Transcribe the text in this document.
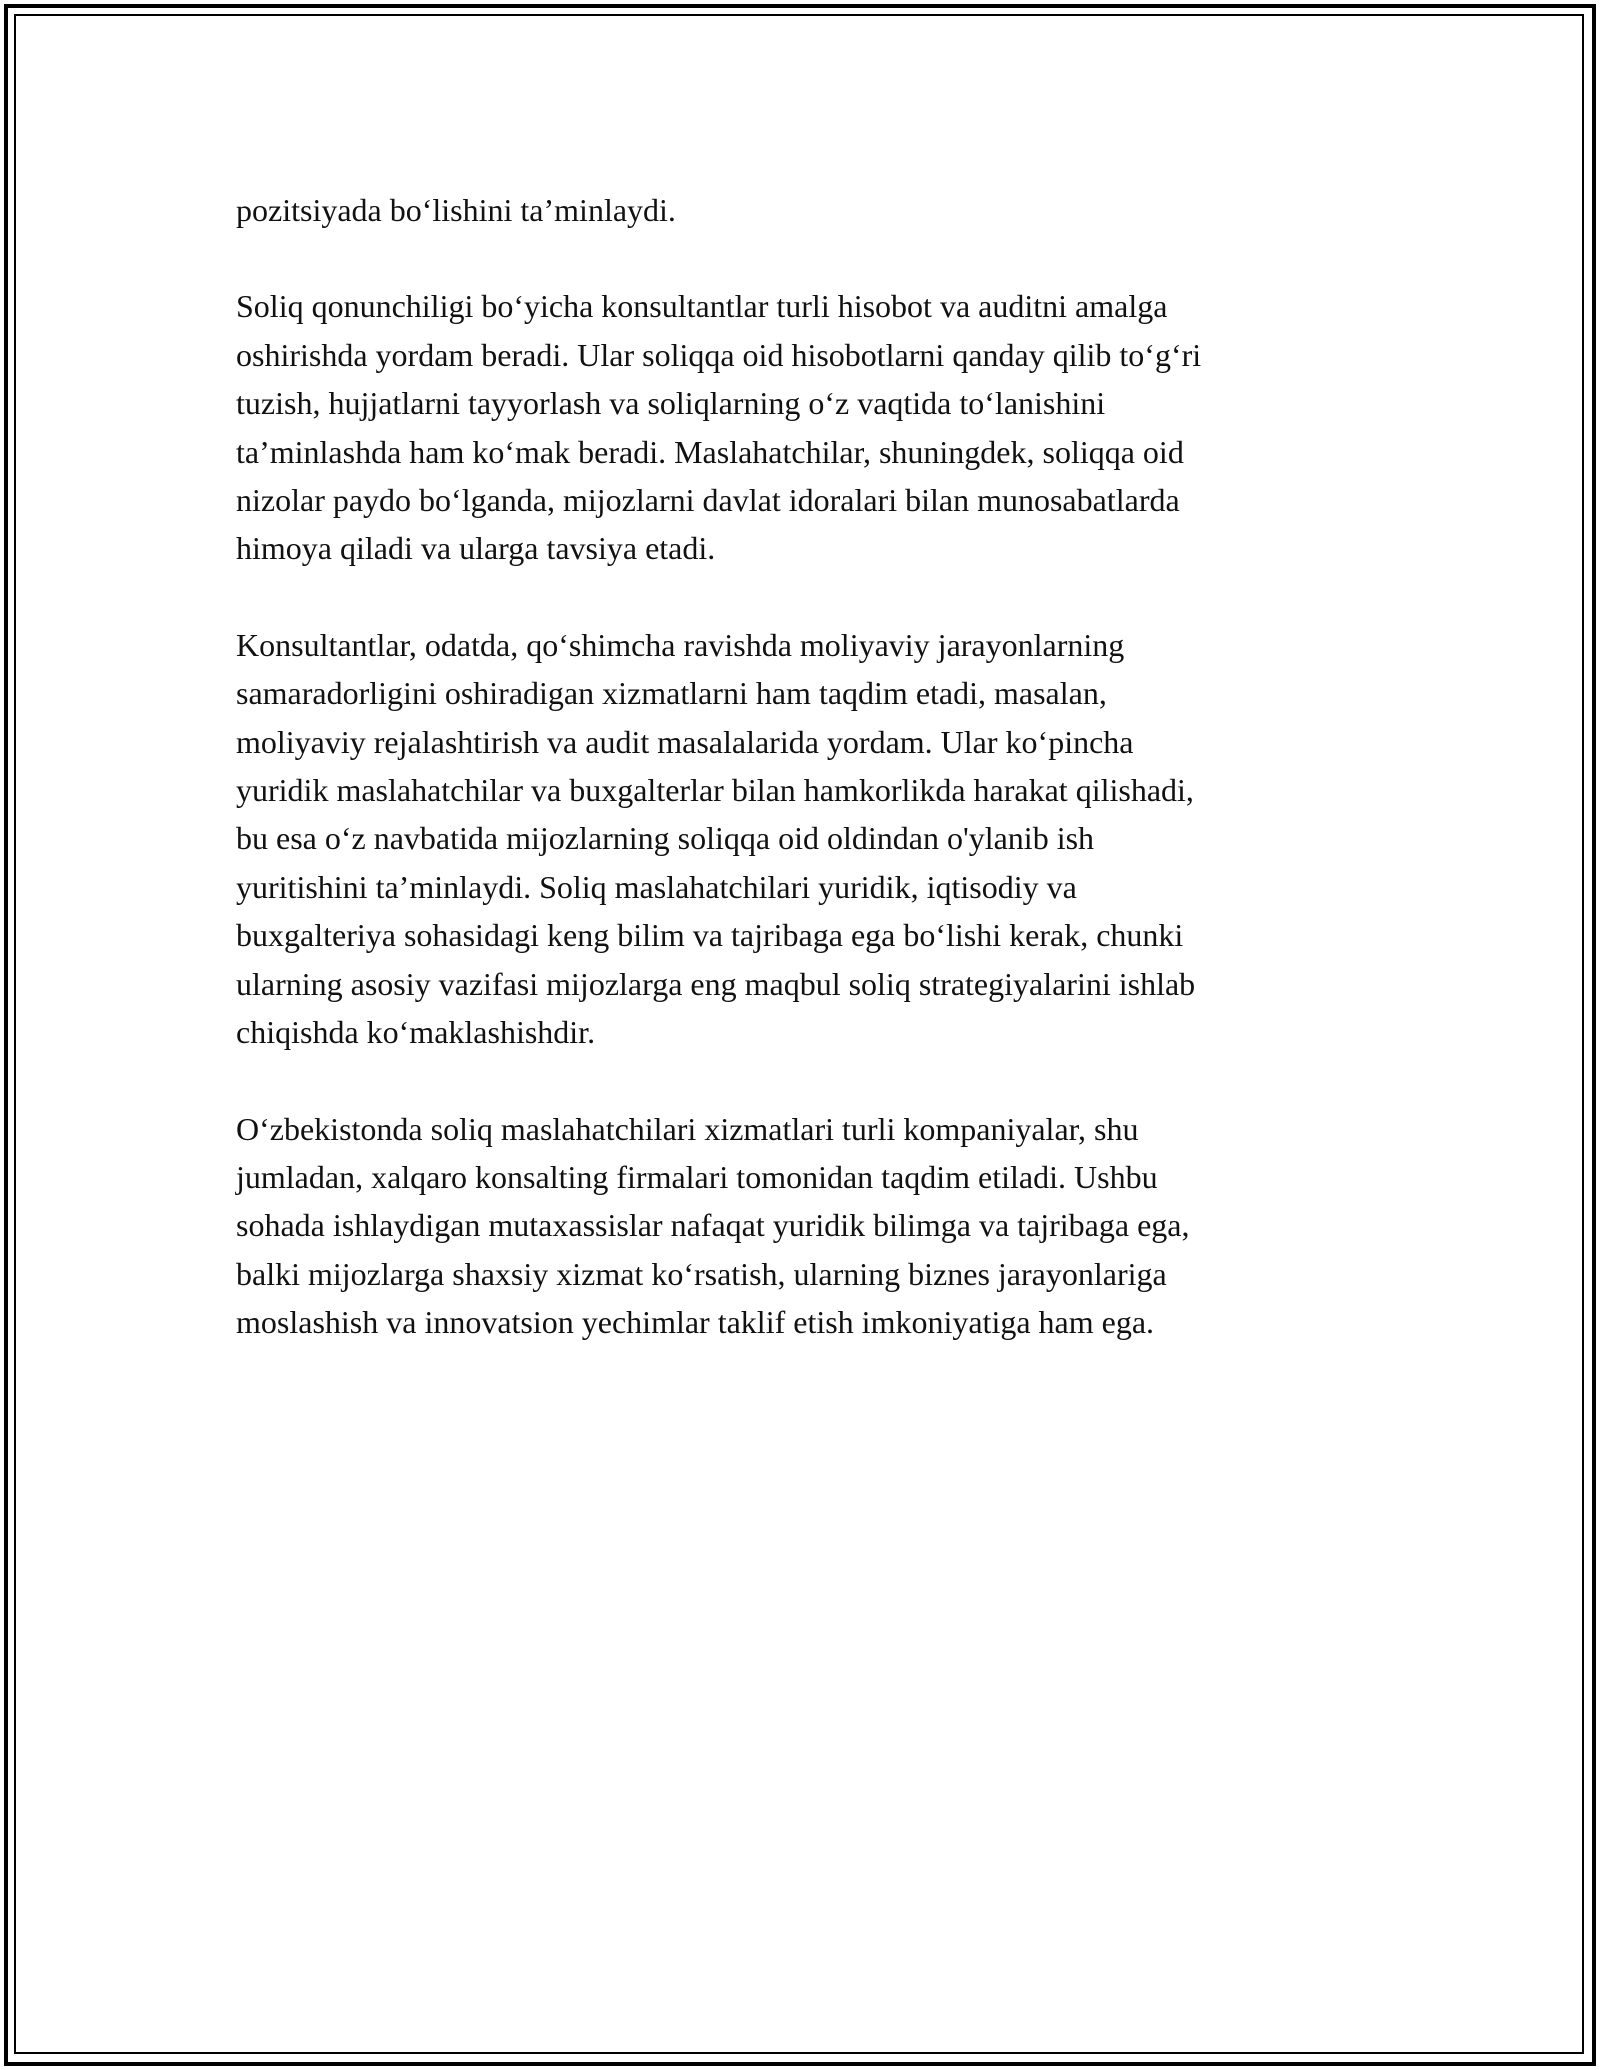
pozitsiyada bo‘lishini ta’minlaydi.

Soliq qonunchiligi bo‘yicha konsultantlar turli hisobot va auditni amalga
oshirishda yordam beradi. Ular soliqqa oid hisobotlarni qanday qilib to‘g‘ri
tuzish, hujjatlarni tayyorlash va soliqlarning o‘z vaqtida to‘lanishini
ta’minlashda ham ko‘mak beradi. Maslahatchilar, shuningdek, soliqqa oid
nizolar paydo bo‘lganda, mijozlarni davlat idoralari bilan munosabatlarda
himoya qiladi va ularga tavsiya etadi.

Konsultantlar, odatda, qo‘shimcha ravishda moliyaviy jarayonlarning
samaradorligini oshiradigan xizmatlarni ham taqdim etadi, masalan,
moliyaviy rejalashtirish va audit masalalarida yordam. Ular ko‘pincha
yuridik maslahatchilar va buxgalterlar bilan hamkorlikda harakat qilishadi,
bu esa o‘z navbatida mijozlarning soliqqa oid oldindan o'ylanib ish
yuritishini ta’minlaydi. Soliq maslahatchilari yuridik, iqtisodiy va
buxgalteriya sohasidagi keng bilim va tajribaga ega bo‘lishi kerak, chunki
ularning asosiy vazifasi mijozlarga eng maqbul soliq strategiyalarini ishlab
chiqishda ko‘maklashishdir.

O‘zbekistonda soliq maslahatchilari xizmatlari turli kompaniyalar, shu
jumladan, xalqaro konsalting firmalari tomonidan taqdim etiladi. Ushbu
sohada ishlaydigan mutaxassislar nafaqat yuridik bilimga va tajribaga ega,
balki mijozlarga shaxsiy xizmat ko‘rsatish, ularning biznes jarayonlariga
moslashish va innovatsion yechimlar taklif etish imkoniyatiga ham ega.
